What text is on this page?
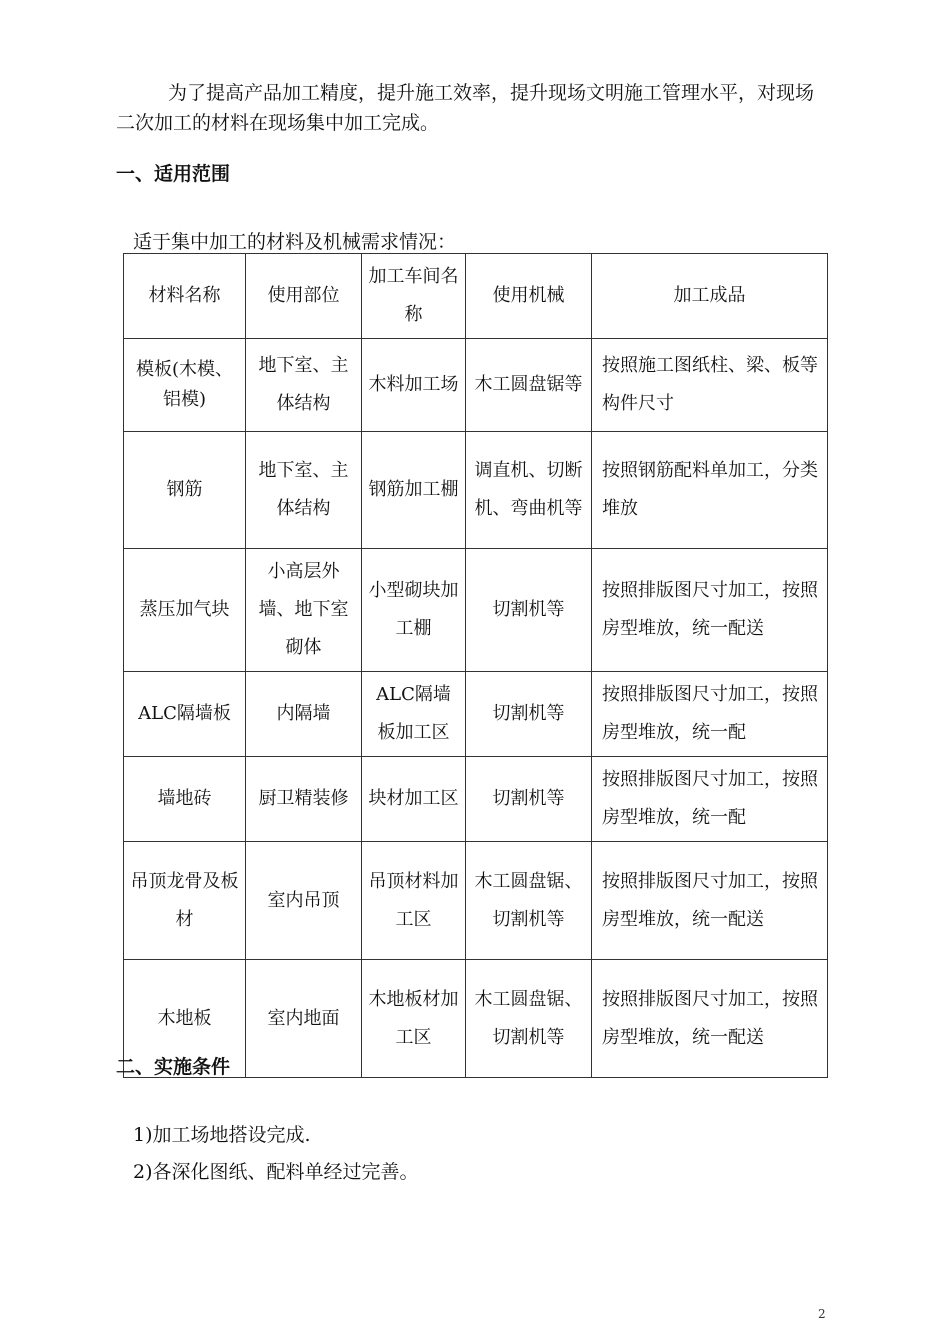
为了提高产品加工精度，提升施工效率，提升现场文明施工管理水平，对现场二次加工的材料在现场集中加工完成。

一、适用范围

适于集中加工的材料及机械需求情况：

材料名称	使用部位	加工车间名称	使用机械	加工成品
模板(木模、铝模)	地下室、主体结构	木料加工场	木工圆盘锯等	按照施工图纸柱、梁、板等构件尺寸
钢筋	地下室、主体结构	钢筋加工棚	调直机、切断机、弯曲机等	按照钢筋配料单加工，分类堆放
蒸压加气块	小高层外墙、地下室砌体	小型砌块加工棚	切割机等	按照排版图尺寸加工，按照房型堆放，统一配送
ALC隔墙板	内隔墙	ALC隔墙板加工区	切割机等	按照排版图尺寸加工，按照房型堆放，统一配
墙地砖	厨卫精装修	块材加工区	切割机等	按照排版图尺寸加工，按照房型堆放，统一配
吊顶龙骨及板材	室内吊顶	吊顶材料加工区	木工圆盘锯、切割机等	按照排版图尺寸加工，按照房型堆放，统一配送
木地板	室内地面	木地板材加工区	木工圆盘锯、切割机等	按照排版图尺寸加工，按照房型堆放，统一配送
二、实施条件

1)加工场地搭设完成.

2)各深化图纸、配料单经过完善。

2
